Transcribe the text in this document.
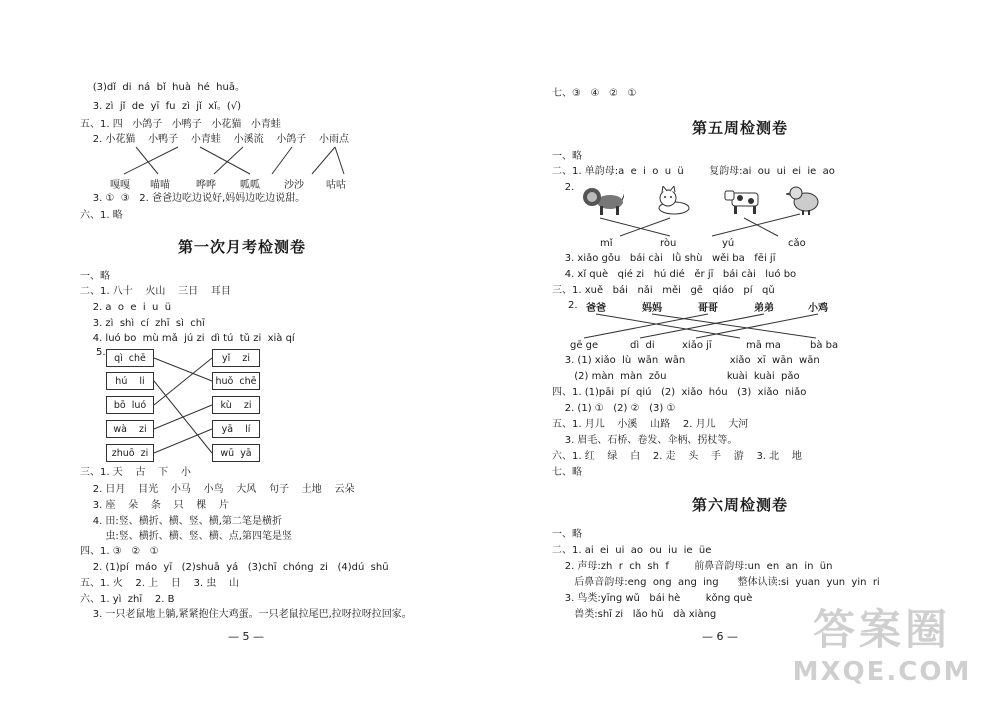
(3)dǐ  di  ná  bǐ  huà  hé  huā。
3. zì  jǐ  de  yī  fu  zì  jǐ  xǐ。(√)
五、1. 四   小鸽子   小鸭子   小花猫   小青蛙
2. 小花猫    小鸭子    小青蛙    小溪流    小鸽子    小雨点
嘎嘎 喵喵	哗哗 呱呱 沙沙 咕咕
3. ①  ③   2. 爸爸边吃边说好,妈妈边吃边说甜。
六、1. 略
第一次月考检测卷
一、略
二、1. 八十    火山    三日    耳目
2. a  o  e  i  u  ü
3. zì  shì  cí  zhī  sì  chī
4. luó bo  mù mǎ  jú zi  dì tú  tǔ zi  xià qí
5.
qì  chē
hú    li
bō  luó
wà    zi
zhuō  zi
yǐ    zi
huǒ  chē
kù    zi
yā    lí
wū  yā
三、1. 天    古    下    小
2. 日月    目光    小马    小鸟    大风    句子    土地    云朵
3. 座    朵    条    只    棵    片
4. 田:竖、横折、横、竖、横,第二笔是横折
虫:竖、横折、横、竖、横、点,第四笔是竖
四、1. ③   ②   ①
2. (1)pí  máo  yī   (2)shuā  yá   (3)chī  chóng  zi   (4)dú  shū
五、1. 火    2. 上    日    3. 虫    山
六、1. yì  zhī    2. B
3. 一只老鼠地上躺,紧紧抱住大鸡蛋。一只老鼠拉尾巴,拉呀拉呀拉回家。
— 5 —
七、③   ④   ②   ①
第五周检测卷
一、略
二、1. 单韵母:a  e  i  o  u  ü        复韵母:ai  ou  ui  ei  ie  ao
2.
mǐ	ròu	yú	cǎo
3. xiǎo gǒu   bái cài   lǜ shù   wěi ba   fēi jī
4. xǐ què   qié zi   hú dié   ěr jī   bái cài   luó bo
三、1. xuě   bái   nǎi   měi   gē   qiáo   pí   qǔ
2. 爸爸	妈妈	哥哥	弟弟	小鸡
gē ge	dì  di	xiǎo jī	mā ma	bà ba
3. (1) xiǎo  lù  wān  wān              xiǎo  xī  wān  wān
(2) màn  màn  zǒu                   kuài  kuài  pǎo
四、1. (1)pāi  pí  qiú   (2)  xiǎo  hóu   (3)  xiǎo  niǎo
2. (1) ①   (2) ②   (3) ①
五、1. 月儿    小溪    山路    2. 月儿    大河
3. 眉毛、石桥、卷发、伞柄、拐杖等。
六、1. 红    绿    白    2. 走    头    手    游    3. 北    地
七、略
第六周检测卷
一、略
二、1. ai  ei  ui  ao  ou  iu  ie  üe
2. 声母:zh  r  ch  sh  f        前鼻音韵母:un  en  an  in  ün
后鼻音韵母:eng  ong  ang  ing      整体认读:si  yuan  yun  yin  ri
3. 鸟类:yīng wǔ   bái hè        kǒng què
兽类:shī zi   lǎo hǔ   dà xiàng
— 6 —	答案圈
MXQE.COM
